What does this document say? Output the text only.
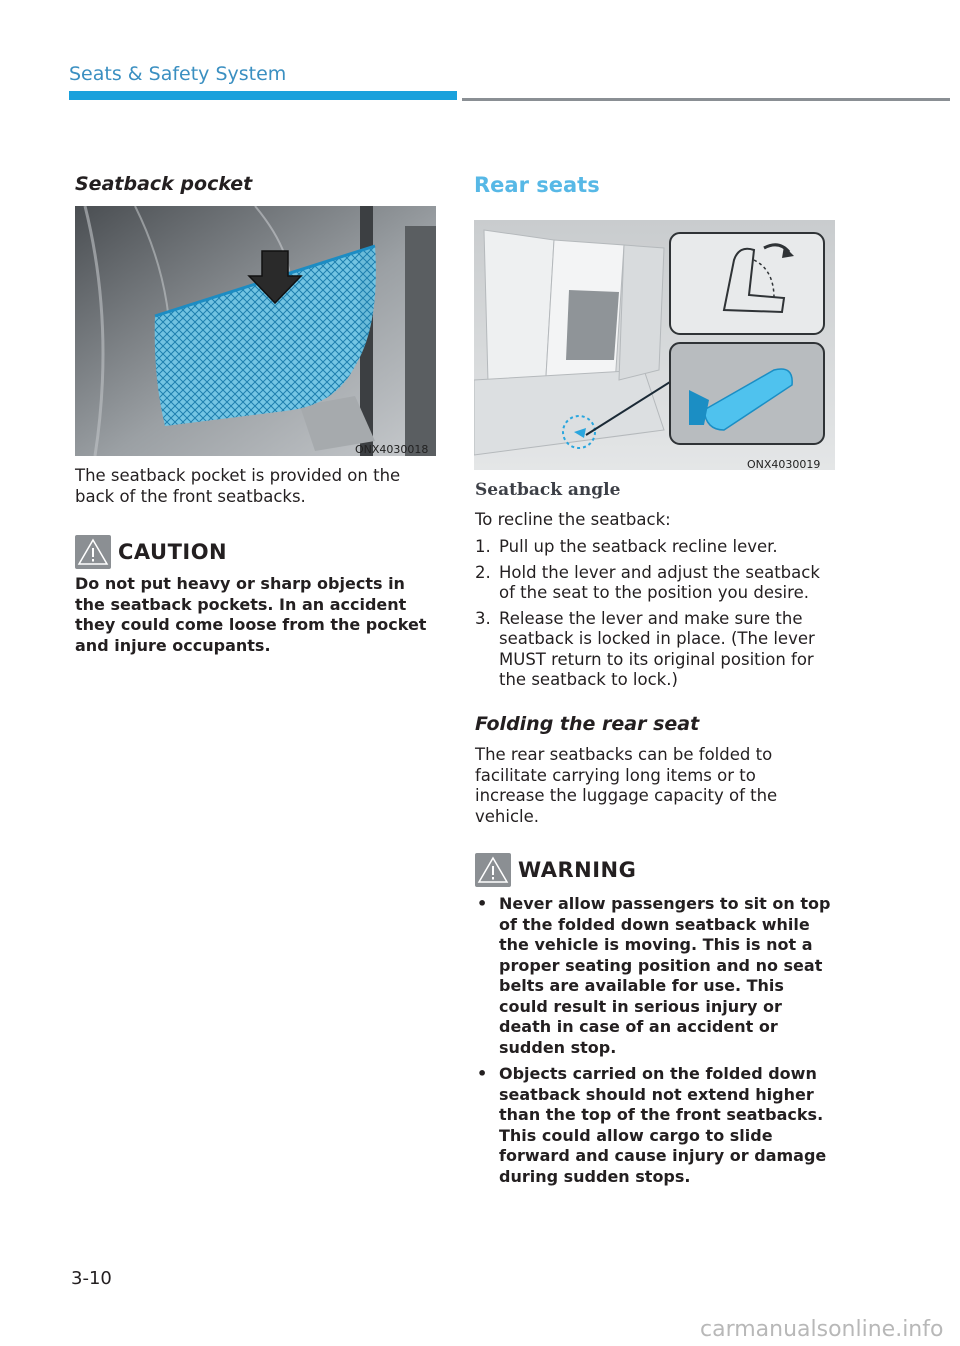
Seats & Safety System
Seatback pocket
ONX4030018
The seatback pocket is provided on the back of the front seatbacks.
CAUTION
Do not put heavy or sharp objects in the seatback pockets. In an accident they could come loose from the pocket and injure occupants.
Rear seats
ONX4030019
Seatback angle
To recline the seatback:
1. Pull up the seatback recline lever.
2. Hold the lever and adjust the seatback of the seat to the position you desire.
3. Release the lever and make sure the seatback is locked in place. (The lever MUST return to its original position for the seatback to lock.)
Folding the rear seat
The rear seatbacks can be folded to facilitate carrying long items or to increase the luggage capacity of the vehicle.
WARNING
• Never allow passengers to sit on top of the folded down seatback while the vehicle is moving. This is not a proper seating position and no seat belts are available for use. This could result in serious injury or death in case of an accident or sudden stop.
• Objects carried on the folded down seatback should not extend higher than the top of the front seatbacks. This could allow cargo to slide forward and cause injury or damage during sudden stops.
3-10
carmanualsonline.info
